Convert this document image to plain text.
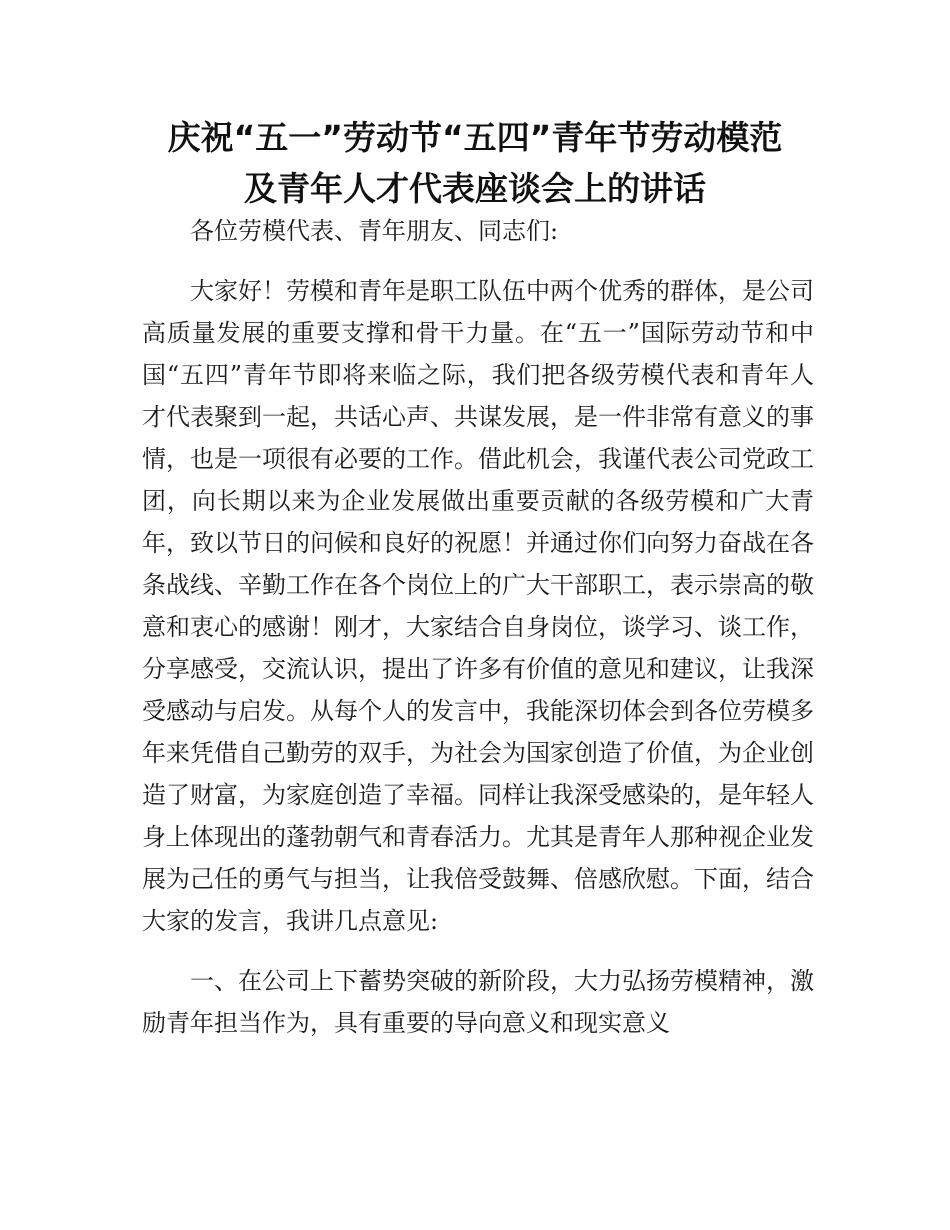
庆祝“五一”劳动节“五四”青年节劳动模范
及青年人才代表座谈会上的讲话

各位劳模代表、青年朋友、同志们:

大家好！劳模和青年是职工队伍中两个优秀的群体，是公司高质量发展的重要支撑和骨干力量。在“五一”国际劳动节和中国“五四”青年节即将来临之际，我们把各级劳模代表和青年人才代表聚到一起，共话心声、共谋发展，是一件非常有意义的事情，也是一项很有必要的工作。借此机会，我谨代表公司党政工团，向长期以来为企业发展做出重要贡献的各级劳模和广大青年，致以节日的问候和良好的祝愿！并通过你们向努力奋战在各条战线、辛勤工作在各个岗位上的广大干部职工，表示崇高的敬意和衷心的感谢！刚才，大家结合自身岗位，谈学习、谈工作，分享感受，交流认识，提出了许多有价值的意见和建议，让我深受感动与启发。从每个人的发言中，我能深切体会到各位劳模多年来凭借自己勤劳的双手，为社会为国家创造了价值，为企业创造了财富，为家庭创造了幸福。同样让我深受感染的，是年轻人身上体现出的蓬勃朝气和青春活力。尤其是青年人那种视企业发展为己任的勇气与担当，让我倍受鼓舞、倍感欣慰。下面，结合大家的发言，我讲几点意见:

一、在公司上下蓄势突破的新阶段，大力弘扬劳模精神，激励青年担当作为，具有重要的导向意义和现实意义
